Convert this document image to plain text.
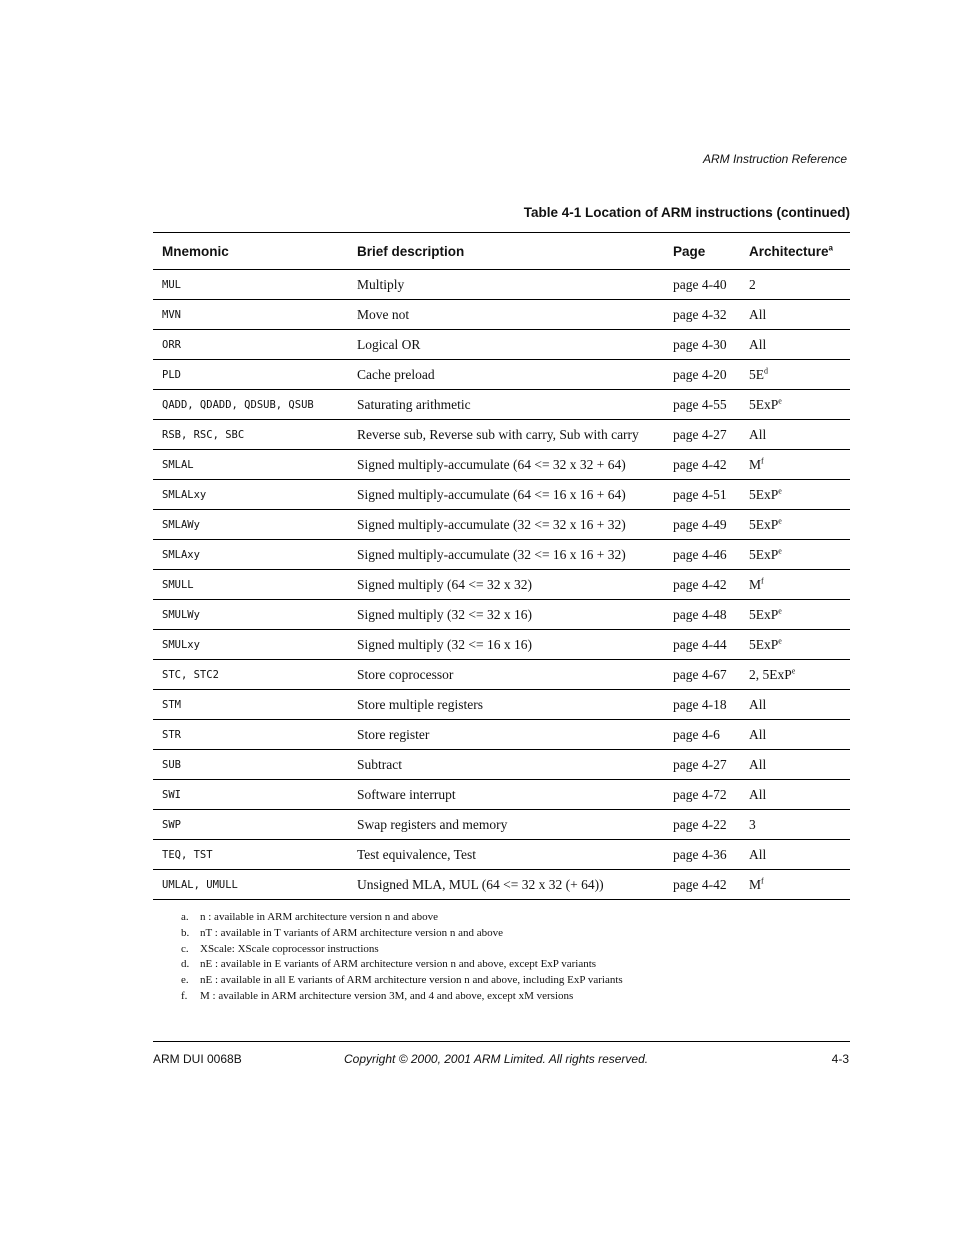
ARM Instruction Reference
Table 4-1 Location of ARM instructions (continued)
Mnemonic	Brief description	Page	Architecture$^a$
MUL	Multiply	page 4-40	2
MVN	Move not	page 4-32	All
ORR	Logical OR	page 4-30	All
PLD	Cache preload	page 4-20	$5E^d$
QADD, QDADD, QDSUB, QSUB	Saturating arithmetic	page 4-55	5ExP$^e$
RSB, RSC, SBC	Reverse sub, Reverse sub with carry, Sub with carry	page 4-27	All
SMLAL	Signed multiply-accumulate (64 <= 32 x 32 + 64)	page 4-42	$M^f$
SMLALxy	Signed multiply-accumulate (64 <= 16 x 16 + 64)	page 4-51	5ExP$^e$
SMLAWy	Signed multiply-accumulate (32 <= 32 x 16 + 32)	page 4-49	5ExP$^e$
SMLAxy	Signed multiply-accumulate (32 <= 16 x 16 + 32)	page 4-46	5ExP$^e$
SMULL	Signed multiply (64 <= 32 x 32)	page 4-42	$M^f$
SMULWy	Signed multiply (32 <= 32 x 16)	page 4-48	5ExP$^e$
SMULxy	Signed multiply (32 <= 16 x 16)	page 4-44	5ExP$^e$
STC, STC2	Store coprocessor	page 4-67	2, 5ExP$^e$
STM	Store multiple registers	page 4-18	All
STR	Store register	page 4-6	All
SUB	Subtract	page 4-27	All
SWI	Software interrupt	page 4-72	All
SWP	Swap registers and memory	page 4-22	3
TEQ, TST	Test equivalence, Test	page 4-36	All
UMLAL, UMULL	Unsigned MLA, MUL (64 <= 32 x 32 (+ 64))	page 4-42	$M^f$
a.	n : available in ARM architecture version n and above
b. nT : available in T variants of ARM architecture version n and above
c.	XScale: XScale coprocessor instructions
d. nE : available in E variants of ARM architecture version n and above, except ExP variants
e.	nE : available in all E variants of ARM architecture version n and above, including ExP variants
f.	M : available in ARM architecture version 3M, and 4 and above, except xM versions
ARM DUI 0068B	Copyright © 2000, 2001 ARM Limited. All rights reserved.	4-3
